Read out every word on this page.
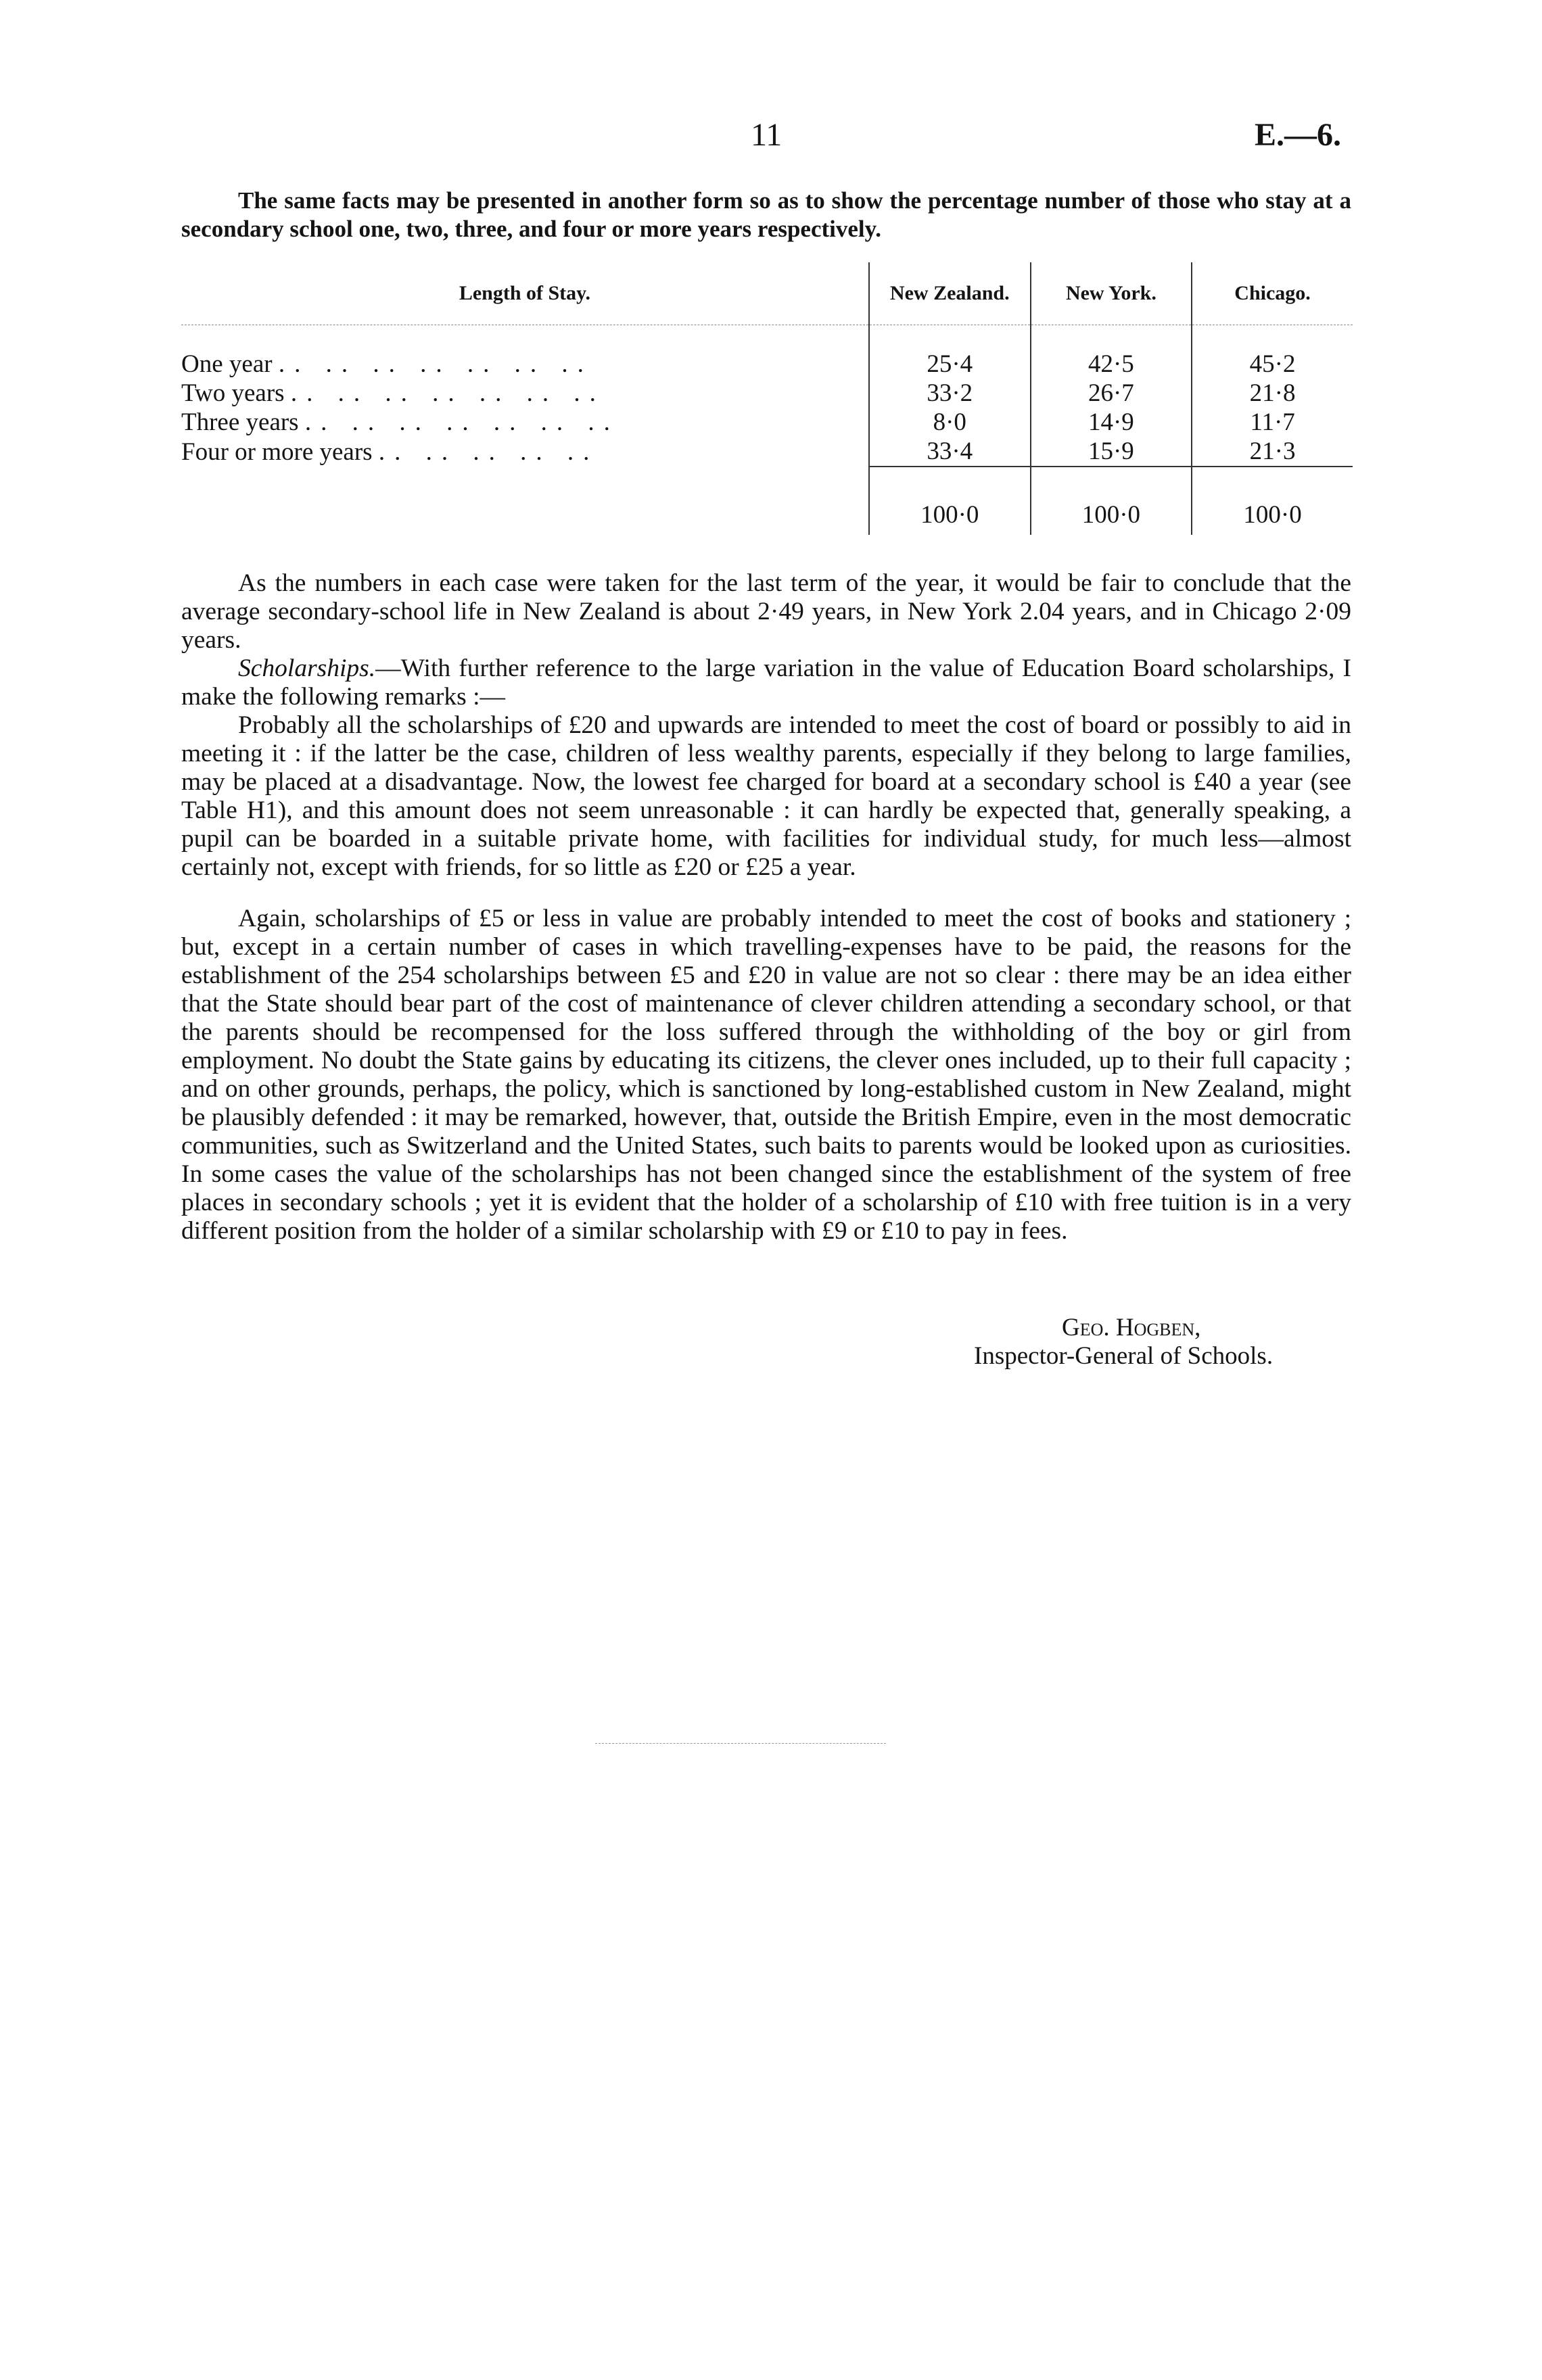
11	E.—6.

The same facts may be presented in another form so as to show the percentage number of those who stay at a secondary school one, two, three, and four or more years respectively.

Length of Stay.	New Zealand.	New York.	Chicago.
One year .. .. .. .. .. .. ..	25·4	42·5	45·2
Two years .. .. .. .. .. .. ..	33·2	26·7	21·8
Three years .. .. .. .. .. .. ..	8·0	14·9	11·7
Four or more years .. .. .. .. ..	33·4	15·9	21·3
	100·0	100·0	100·0

As the numbers in each case were taken for the last term of the year, it would be fair to conclude that the average secondary-school life in New Zealand is about 2·49 years, in New York 2.04 years, and in Chicago 2·09 years.

Scholarships.—With further reference to the large variation in the value of Education Board scholarships, I make the following remarks :—

Probably all the scholarships of £20 and upwards are intended to meet the cost of board or possibly to aid in meeting it : if the latter be the case, children of less wealthy parents, especially if they belong to large families, may be placed at a disadvantage. Now, the lowest fee charged for board at a secondary school is £40 a year (see Table H1), and this amount does not seem unreasonable : it can hardly be expected that, generally speaking, a pupil can be boarded in a suitable private home, with facilities for individual study, for much less—almost certainly not, except with friends, for so little as £20 or £25 a year.

Again, scholarships of £5 or less in value are probably intended to meet the cost of books and stationery ; but, except in a certain number of cases in which travelling-expenses have to be paid, the reasons for the establishment of the 254 scholarships between £5 and £20 in value are not so clear : there may be an idea either that the State should bear part of the cost of maintenance of clever children attending a secondary school, or that the parents should be recompensed for the loss suffered through the withholding of the boy or girl from employment. No doubt the State gains by educating its citizens, the clever ones included, up to their full capacity ; and on other grounds, perhaps, the policy, which is sanctioned by long-established custom in New Zealand, might be plausibly defended : it may be remarked, however, that, outside the British Empire, even in the most democratic communities, such as Switzerland and the United States, such baits to parents would be looked upon as curiosities. In some cases the value of the scholarships has not been changed since the establishment of the system of free places in secondary schools ; yet it is evident that the holder of a scholarship of £10 with free tuition is in a very different position from the holder of a similar scholarship with £9 or £10 to pay in fees.

Geo. Hogben,
Inspector-General of Schools.
